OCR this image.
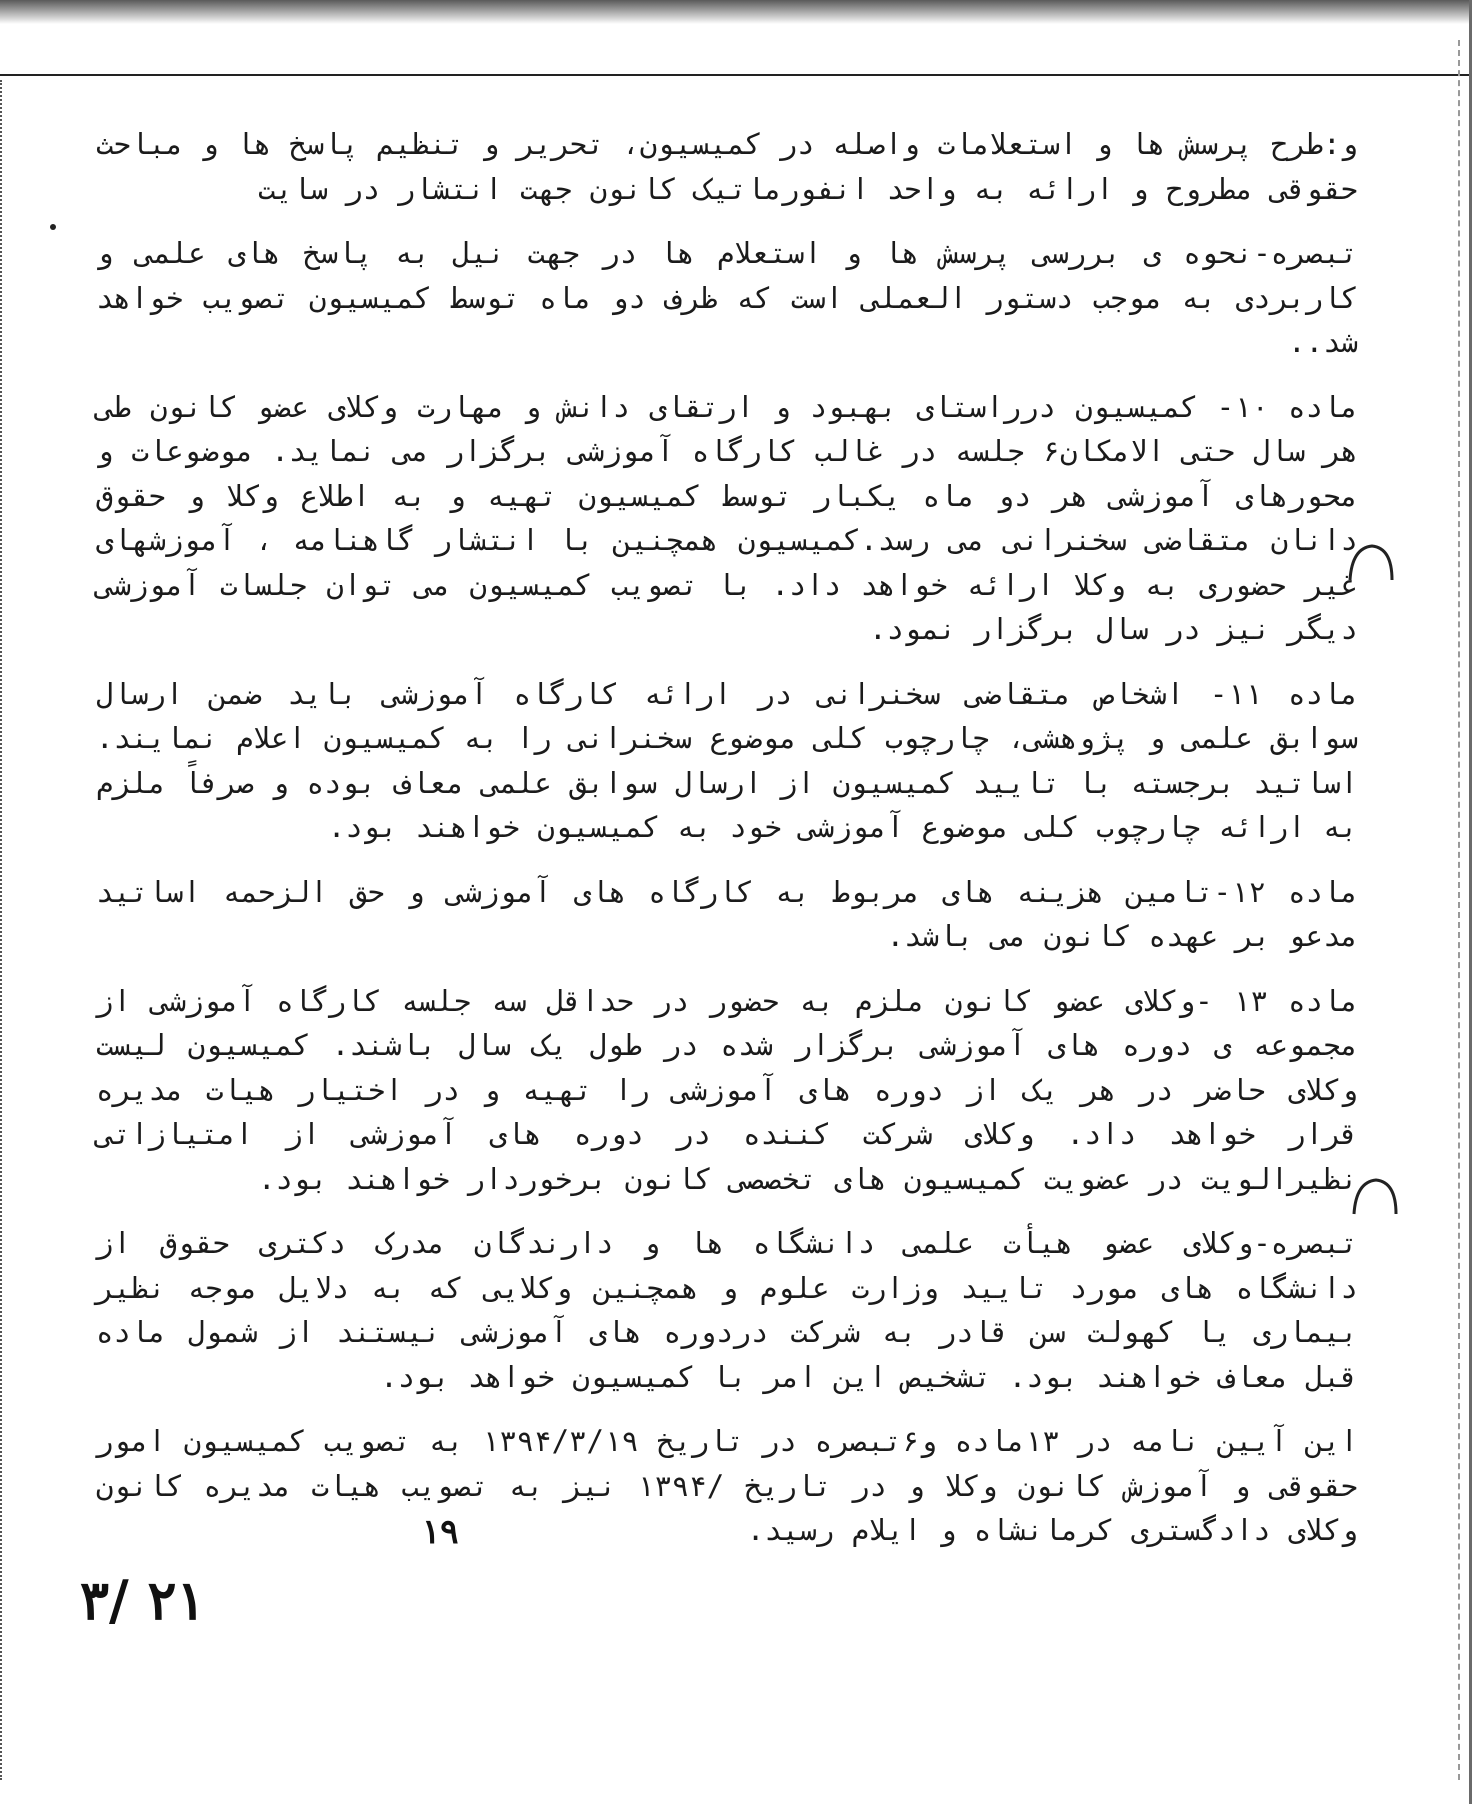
و:طرح پرسش ها و استعلامات واصله در کمیسیون، تحریر و تنظیم پاسخ ها و مباحث حقوقی مطروح و ارائه به واحد انفورماتیک کانون جهت انتشار در سایت

تبصره-نحوه ی بررسی پرسش ها و استعلام ها در جهت نیل به پاسخ های علمی و کاربردی به موجب دستور العملی است که ظرف دو ماه توسط کمیسیون تصویب خواهد شد..

ماده ۱۰- کمیسیون درراستای بهبود و ارتقای دانش و مهارت وکلای عضو کانون طی هر سال حتی الامکان۶ جلسه در غالب کارگاه آموزشی برگزار می نماید. موضوعات و محورهای آموزشی هر دو ماه یکبار توسط کمیسیون تهیه و به اطلاع وکلا و حقوق دانان متقاضی سخنرانی می رسد.کمیسیون همچنین با انتشار گاهنامه ، آموزشهای غیر حضوری به وکلا ارائه خواهد داد. با تصویب کمیسیون می توان جلسات آموزشی دیگر نیز در سال برگزار نمود.

ماده ۱۱- اشخاص متقاضی سخنرانی در ارائه کارگاه آموزشی باید ضمن ارسال سوابق علمی و پژوهشی، چارچوب کلی موضوع سخنرانی را به کمیسیون اعلام نمایند. اساتید برجسته با تایید کمیسیون از ارسال سوابق علمی معاف بوده و صرفاً ملزم به ارائه چارچوب کلی موضوع آموزشی خود به کمیسیون خواهند بود.

ماده ۱۲-تامین هزینه های مربوط به کارگاه های آموزشی و حق الزحمه اساتید مدعو بر عهده کانون می باشد.

ماده ۱۳ -وکلای عضو کانون ملزم به حضور در حداقل سه جلسه کارگاه آموزشی از مجموعه ی دوره های آموزشی برگزار شده در طول یک سال باشند. کمیسیون لیست وکلای حاضر در هر یک از دوره های آموزشی را تهیه و در اختیار هیات مدیره قرار خواهد داد. وکلای شرکت کننده در دوره های آموزشی از امتیازاتی نظیرالویت در عضویت کمیسیون های تخصصی کانون برخوردار خواهند بود.

تبصره-وکلای عضو هیأت علمی دانشگاه ها و دارندگان مدرک دکتری حقوق از دانشگاه های مورد تایید وزارت علوم و همچنین وکلایی که به دلایل موجه نظیر بیماری یا کهولت سن قادر به شرکت دردوره های آموزشی نیستند از شمول ماده قبل معاف خواهند بود. تشخیص این امر با کمیسیون خواهد بود.

این آیین نامه در ۱۳ماده و۶تبصره در تاریخ ۱۳۹۴/۳/۱۹ به تصویب کمیسیون امور حقوقی و آموزش کانون وکلا و در تاریخ /۱۳۹۴ نیز به تصویب هیات مدیره کانون وکلای دادگستری کرمانشاه و ایلام رسید.

۱۹
۳/ ۲۱
